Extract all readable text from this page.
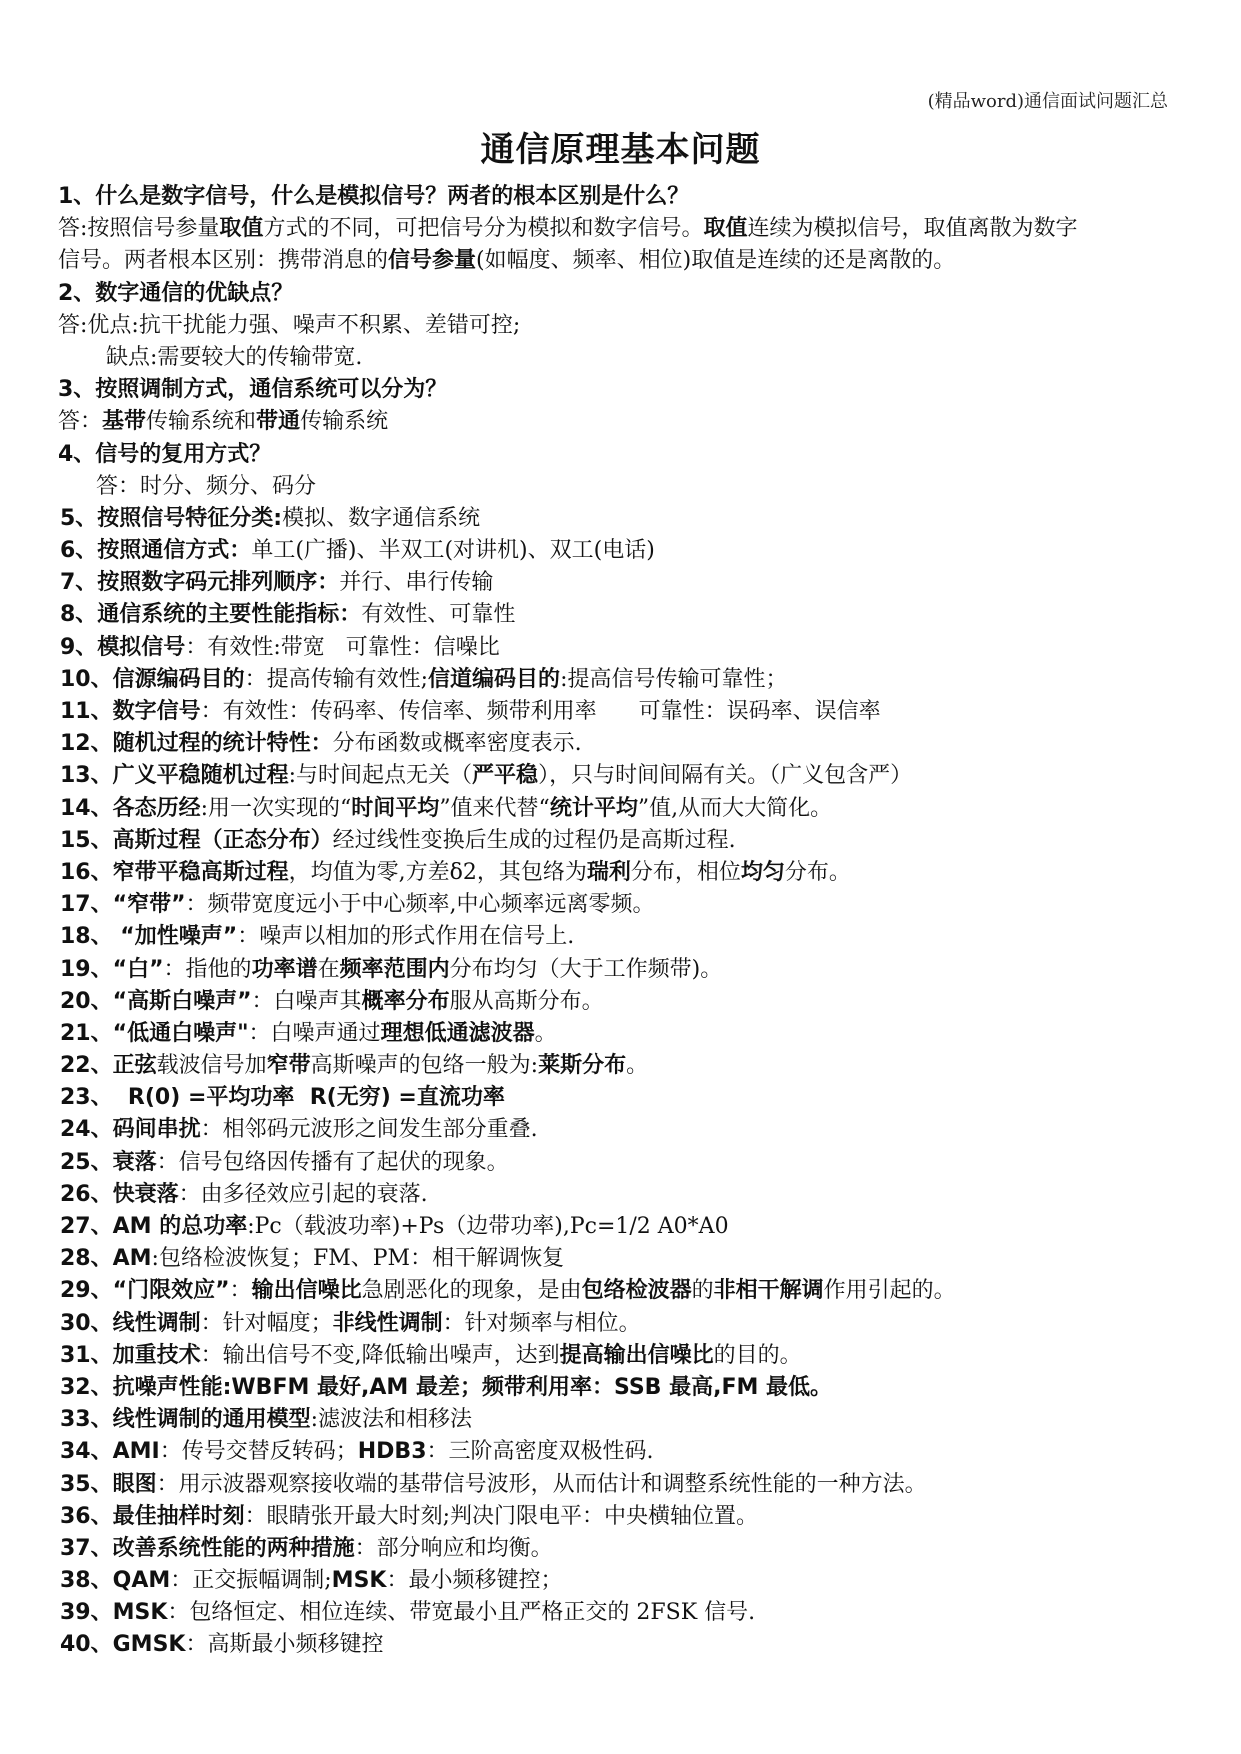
(精品word)通信面试问题汇总
通信原理基本问题
1、什么是数字信号，什么是模拟信号？两者的根本区别是什么？
答:按照信号参量取值方式的不同，可把信号分为模拟和数字信号。取值连续为模拟信号，取值离散为数字
信号。两者根本区别：携带消息的信号参量(如幅度、频率、相位)取值是连续的还是离散的。
2、数字通信的优缺点？
答:优点:抗干扰能力强、噪声不积累、差错可控;
缺点:需要较大的传输带宽.
3、按照调制方式，通信系统可以分为？
答：基带传输系统和带通传输系统
4、信号的复用方式？
答：时分、频分、码分
5、按照信号特征分类:模拟、数字通信系统
6、按照通信方式：单工(广播)、半双工(对讲机)、双工(电话)
7、按照数字码元排列顺序：并行、串行传输
8、通信系统的主要性能指标：有效性、可靠性
9、模拟信号：有效性:带宽   可靠性：信噪比
10、信源编码目的：提高传输有效性;信道编码目的:提高信号传输可靠性；
11、数字信号：有效性：传码率、传信率、频带利用率      可靠性：误码率、误信率
12、随机过程的统计特性：分布函数或概率密度表示.
13、广义平稳随机过程:与时间起点无关（严平稳），只与时间间隔有关。（广义包含严）
14、各态历经:用一次实现的“时间平均”值来代替“统计平均”值,从而大大简化。
15、高斯过程（正态分布）经过线性变换后生成的过程仍是高斯过程.
16、窄带平稳高斯过程，均值为零,方差δ2，其包络为瑞利分布，相位均匀分布。
17、“窄带”：频带宽度远小于中心频率,中心频率远离零频。
18、 “加性噪声”：噪声以相加的形式作用在信号上.
19、“白”：指他的功率谱在频率范围内分布均匀（大于工作频带)。
20、“高斯白噪声”：白噪声其概率分布服从高斯分布。
21、“低通白噪声"：白噪声通过理想低通滤波器。
22、正弦载波信号加窄带高斯噪声的包络一般为:莱斯分布。
23、  R(0) =平均功率  R(无穷) =直流功率
24、码间串扰：相邻码元波形之间发生部分重叠.
25、衰落：信号包络因传播有了起伏的现象。
26、快衰落：由多径效应引起的衰落.
27、AM 的总功率:Pc（载波功率)+Ps（边带功率),Pc=1/2 A0*A0
28、AM:包络检波恢复；FM、PM：相干解调恢复
29、“门限效应”：输出信噪比急剧恶化的现象，是由包络检波器的非相干解调作用引起的。
30、线性调制：针对幅度；非线性调制：针对频率与相位。
31、加重技术：输出信号不变,降低输出噪声，达到提高输出信噪比的目的。
32、抗噪声性能:WBFM 最好,AM 最差；频带利用率：SSB 最高,FM 最低。
33、线性调制的通用模型:滤波法和相移法
34、AMI：传号交替反转码；HDB3：三阶高密度双极性码.
35、眼图：用示波器观察接收端的基带信号波形，从而估计和调整系统性能的一种方法。
36、最佳抽样时刻：眼睛张开最大时刻;判决门限电平：中央横轴位置。
37、改善系统性能的两种措施：部分响应和均衡。
38、QAM：正交振幅调制;MSK：最小频移键控；
39、MSK：包络恒定、相位连续、带宽最小且严格正交的 2FSK 信号.
40、GMSK：高斯最小频移键控
